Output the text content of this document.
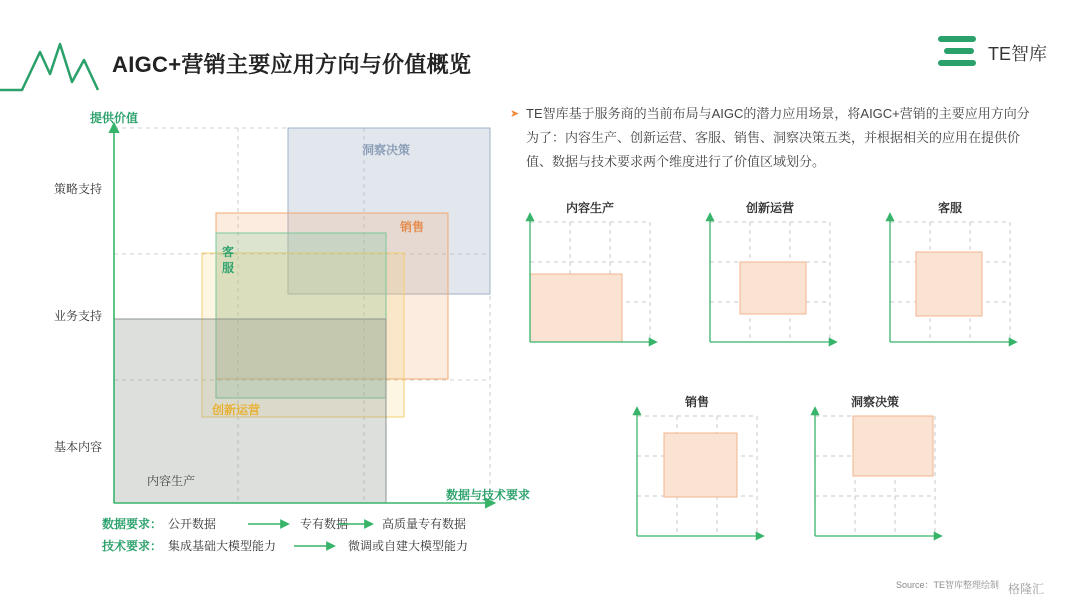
洞察决策
销售
客
服
创新运营
内容生产
提供价值
数据与技术要求
策略支持
业务支持
基本内容
数据要求： 公开数据	专有数据	高质量专有数据
技术要求： 集成基础大模型能力	微调或自建大模型能力
内容生产	创新运营	客服
销售	洞察决策
AIGC+营销主要应用方向与价值概览	TE智库
➤ TE智库基于服务商的当前布局与AIGC的潜力应用场景，将AIGC+营销的主要应用方向分为了：内容生产、创新运营、客服、销售、洞察决策五类，并根据相关的应用在提供价值、数据与技术要求两个维度进行了价值区域划分。
Source：TE智库整理绘制 格隆汇
